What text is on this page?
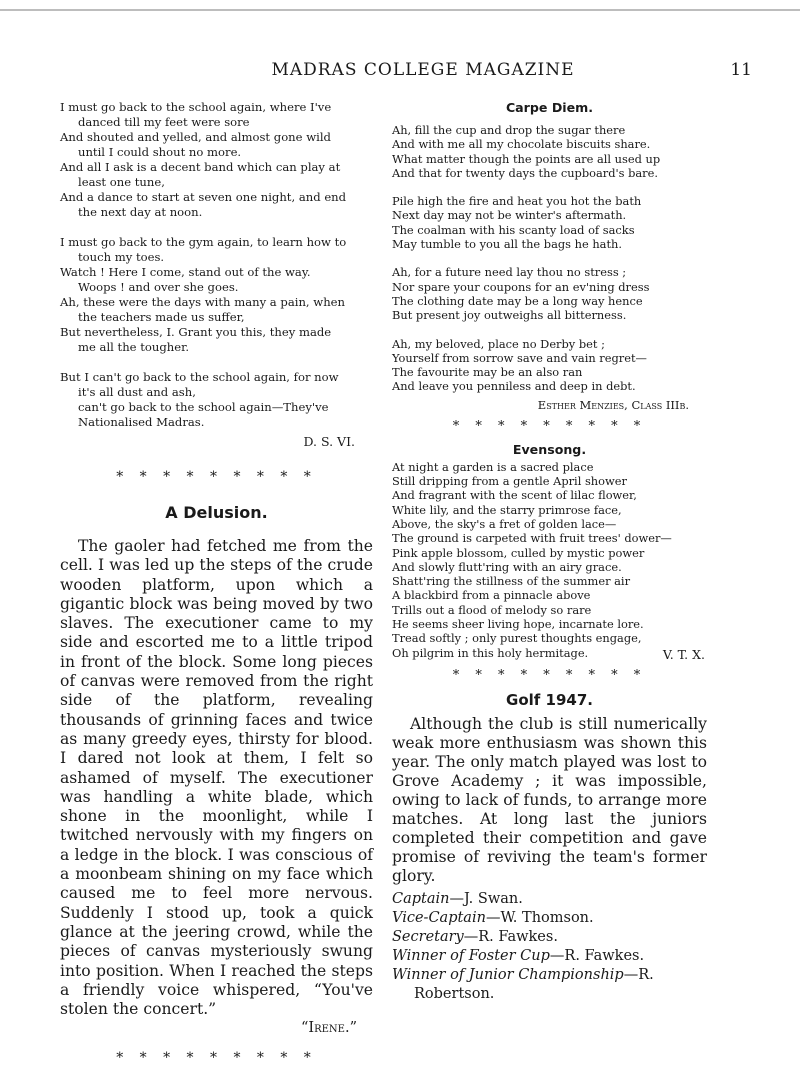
MADRAS COLLEGE MAGAZINE	11
I must go back to the school again, where I've
danced till my feet were sore
And shouted and yelled, and almost gone wild
until I could shout no more.
And all I ask is a decent band which can play at
least one tune,
And a dance to start at seven one night, and end
the next day at noon.
I must go back to the gym again, to learn how to
touch my toes.
Watch ! Here I come, stand out of the way.
Woops ! and over she goes.
Ah, these were the days with many a pain, when
the teachers made us suffer,
But nevertheless, I. Grant you this, they made
me all the tougher.
But I can't go back to the school again, for now
it's all dust and ash,
can't go back to the school again—They've
Nationalised Madras.
D. S. VI.
* * * * * * * * *
A Delusion.
The gaoler had fetched me from the cell. I was led up the steps of the crude wooden platform, upon which a gigantic block was being moved by two slaves. The executioner came to my side and escorted me to a little tripod in front of the block. Some long pieces of canvas were removed from the right side of the platform, revealing thousands of grinning faces and twice as many greedy eyes, thirsty for blood. I dared not look at them, I felt so ashamed of myself. The executioner was handling a white blade, which shone in the moonlight, while I twitched nervously with my fingers on a ledge in the block. I was conscious of a moonbeam shining on my face which caused me to feel more nervous. Suddenly I stood up, took a quick glance at the jeering crowd, while the pieces of canvas mysteriously swung into position. When I reached the steps a friendly voice whispered, “You've stolen the concert.”
“Irene.”
* * * * * * * * *
Carpe Diem.
Ah, fill the cup and drop the sugar there
And with me all my chocolate biscuits share.
What matter though the points are all used up
And that for twenty days the cupboard's bare.
Pile high the fire and heat you hot the bath
Next day may not be winter's aftermath.
The coalman with his scanty load of sacks
May tumble to you all the bags he hath.
Ah, for a future need lay thou no stress ;
Nor spare your coupons for an ev'ning dress
The clothing date may be a long way hence
But present joy outweighs all bitterness.
Ah, my beloved, place no Derby bet ;
Yourself from sorrow save and vain regret—
The favourite may be an also ran
And leave you penniless and deep in debt.
Esther Menzies, Class IIIb.
* * * * * * * * *
Evensong.
At night a garden is a sacred place
Still dripping from a gentle April shower
And fragrant with the scent of lilac flower,
White lily, and the starry primrose face,
Above, the sky's a fret of golden lace—
The ground is carpeted with fruit trees' dower—
Pink apple blossom, culled by mystic power
And slowly flutt'ring with an airy grace.
Shatt'ring the stillness of the summer air
A blackbird from a pinnacle above
Trills out a flood of melody so rare
He seems sheer living hope, incarnate lore.
Tread softly ; only purest thoughts engage,
Oh pilgrim in this holy hermitage.	V. T. X.
* * * * * * * * *
Golf 1947.
Although the club is still numerically weak more enthusiasm was shown this year. The only match played was lost to Grove Academy ; it was impossible, owing to lack of funds, to arrange more matches. At long last the juniors completed their competition and gave promise of reviving the team's former glory.
Captain—J. Swan.
Vice-Captain—W. Thomson.
Secretary—R. Fawkes.
Winner of Foster Cup—R. Fawkes.
Winner of Junior Championship—R. Robertson.
